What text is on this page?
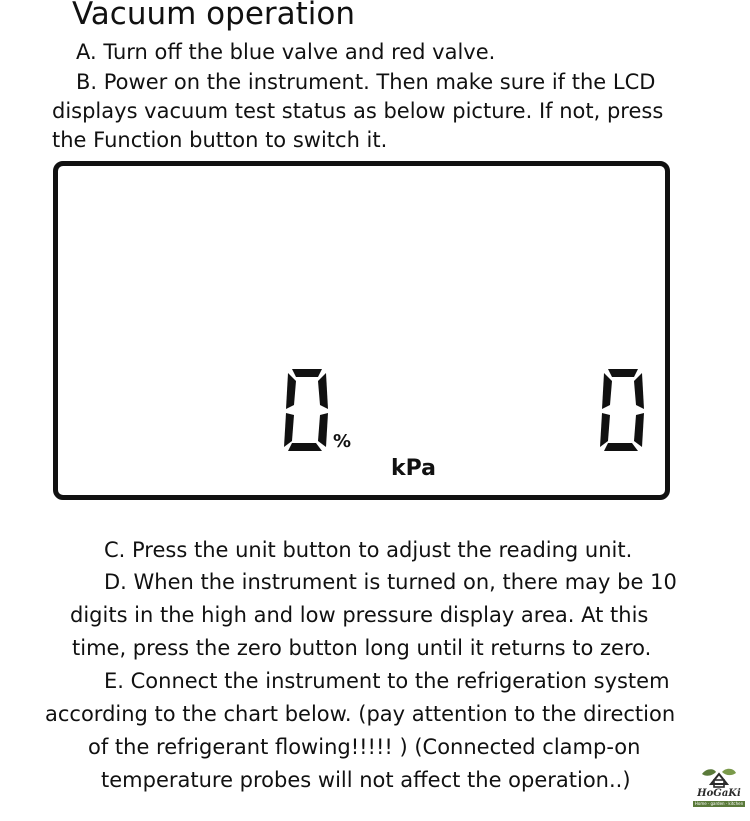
Vacuum operation
A. Turn off the blue valve and red valve.
B. Power on the instrument. Then make sure if the LCD
displays vacuum test status as below picture. If not, press
the Function button to switch it.
%
kPa
C. Press the unit button to adjust the reading unit.
D. When the instrument is turned on, there may be 10
digits in the high and low pressure display area. At this
time, press the zero button long until it returns to zero.
E. Connect the instrument to the refrigeration system
according to the chart below. (pay attention to the direction
of the refrigerant flowing!!!!! ) (Connected clamp-on
temperature probes will not affect the operation..)
HoGaKi
Home · garden · kitchen
